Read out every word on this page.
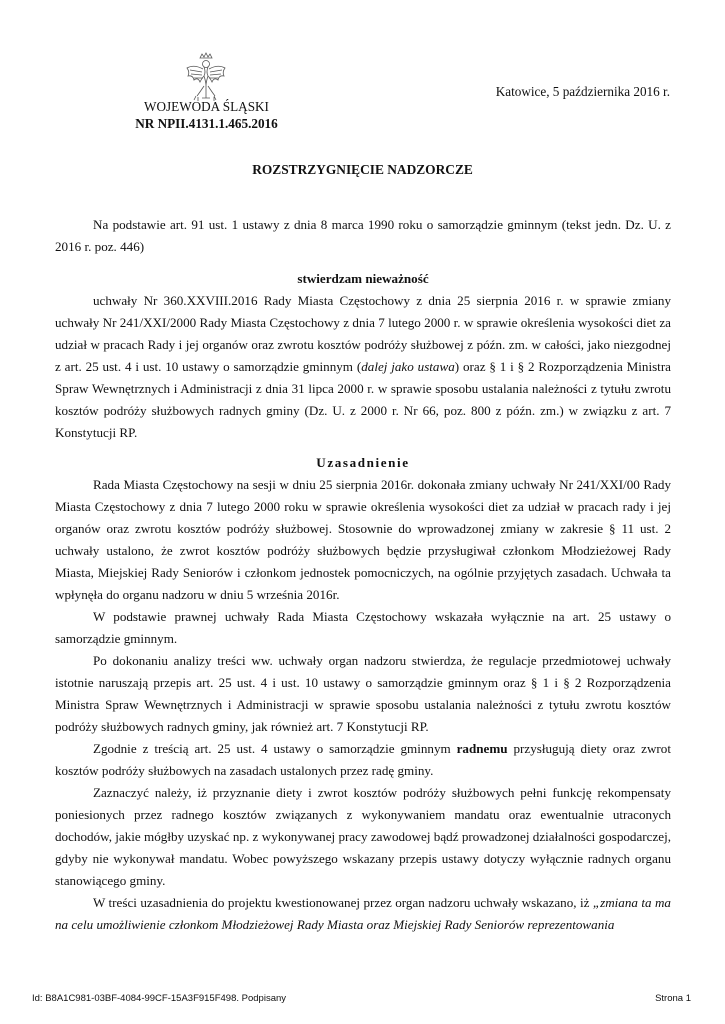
WOJEWODA ŚLĄSKI
NR NPII.4131.1.465.2016
Katowice, 5 października 2016 r.
ROZSTRZYGNIĘCIE NADZORCZE

Na podstawie art. 91 ust. 1 ustawy z dnia 8 marca 1990 roku o samorządzie gminnym (tekst jedn. Dz. U. z 2016 r. poz. 446)

stwierdzam nieważność

uchwały Nr 360.XXVIII.2016 Rady Miasta Częstochowy z dnia 25 sierpnia 2016 r. w sprawie zmiany uchwały Nr 241/XXI/2000 Rady Miasta Częstochowy z dnia 7 lutego 2000 r. w sprawie określenia wysokości diet za udział w pracach Rady i jej organów oraz zwrotu kosztów podróży służbowej z późn. zm. w całości, jako niezgodnej z art. 25 ust. 4 i ust. 10 ustawy o samorządzie gminnym (dalej jako ustawa) oraz § 1 i § 2 Rozporządzenia Ministra Spraw Wewnętrznych i Administracji z dnia 31 lipca 2000 r. w sprawie sposobu ustalania należności z tytułu zwrotu kosztów podróży służbowych radnych gminy (Dz. U. z 2000 r. Nr 66, poz. 800 z późn. zm.) w związku z art. 7 Konstytucji RP.

Uzasadnienie

Rada Miasta Częstochowy na sesji w dniu 25 sierpnia 2016r. dokonała zmiany uchwały Nr 241/XXI/00 Rady Miasta Częstochowy z dnia 7 lutego 2000 roku w sprawie określenia wysokości diet za udział w pracach rady i jej organów oraz zwrotu kosztów podróży służbowej. Stosownie do wprowadzonej zmiany w zakresie § 11 ust. 2 uchwały ustalono, że zwrot kosztów podróży służbowych będzie przysługiwał członkom Młodzieżowej Rady Miasta, Miejskiej Rady Seniorów i członkom jednostek pomocniczych, na ogólnie przyjętych zasadach. Uchwała ta wpłynęła do organu nadzoru w dniu 5 września 2016r.

W podstawie prawnej uchwały Rada Miasta Częstochowy wskazała wyłącznie na art. 25 ustawy o samorządzie gminnym.

Po dokonaniu analizy treści ww. uchwały organ nadzoru stwierdza, że regulacje przedmiotowej uchwały istotnie naruszają przepis art. 25 ust. 4 i ust. 10 ustawy o samorządzie gminnym oraz § 1 i § 2 Rozporządzenia Ministra Spraw Wewnętrznych i Administracji w sprawie sposobu ustalania należności z tytułu zwrotu kosztów podróży służbowych radnych gminy, jak również art. 7 Konstytucji RP.

Zgodnie z treścią art. 25 ust. 4 ustawy o samorządzie gminnym radnemu przysługują diety oraz zwrot kosztów podróży służbowych na zasadach ustalonych przez radę gminy.

Zaznaczyć należy, iż przyznanie diety i zwrot kosztów podróży służbowych pełni funkcję rekompensaty poniesionych przez radnego kosztów związanych z wykonywaniem mandatu oraz ewentualnie utraconych dochodów, jakie mógłby uzyskać np. z wykonywanej pracy zawodowej bądź prowadzonej działalności gospodarczej, gdyby nie wykonywał mandatu. Wobec powyższego wskazany przepis ustawy dotyczy wyłącznie radnych organu stanowiącego gminy.

W treści uzasadnienia do projektu kwestionowanej przez organ nadzoru uchwały wskazano, iż „zmiana ta ma na celu umożliwienie członkom Młodzieżowej Rady Miasta oraz Miejskiej Rady Seniorów reprezentowania

Id: B8A1C981-03BF-4084-99CF-15A3F915F498. Podpisany	Strona 1
